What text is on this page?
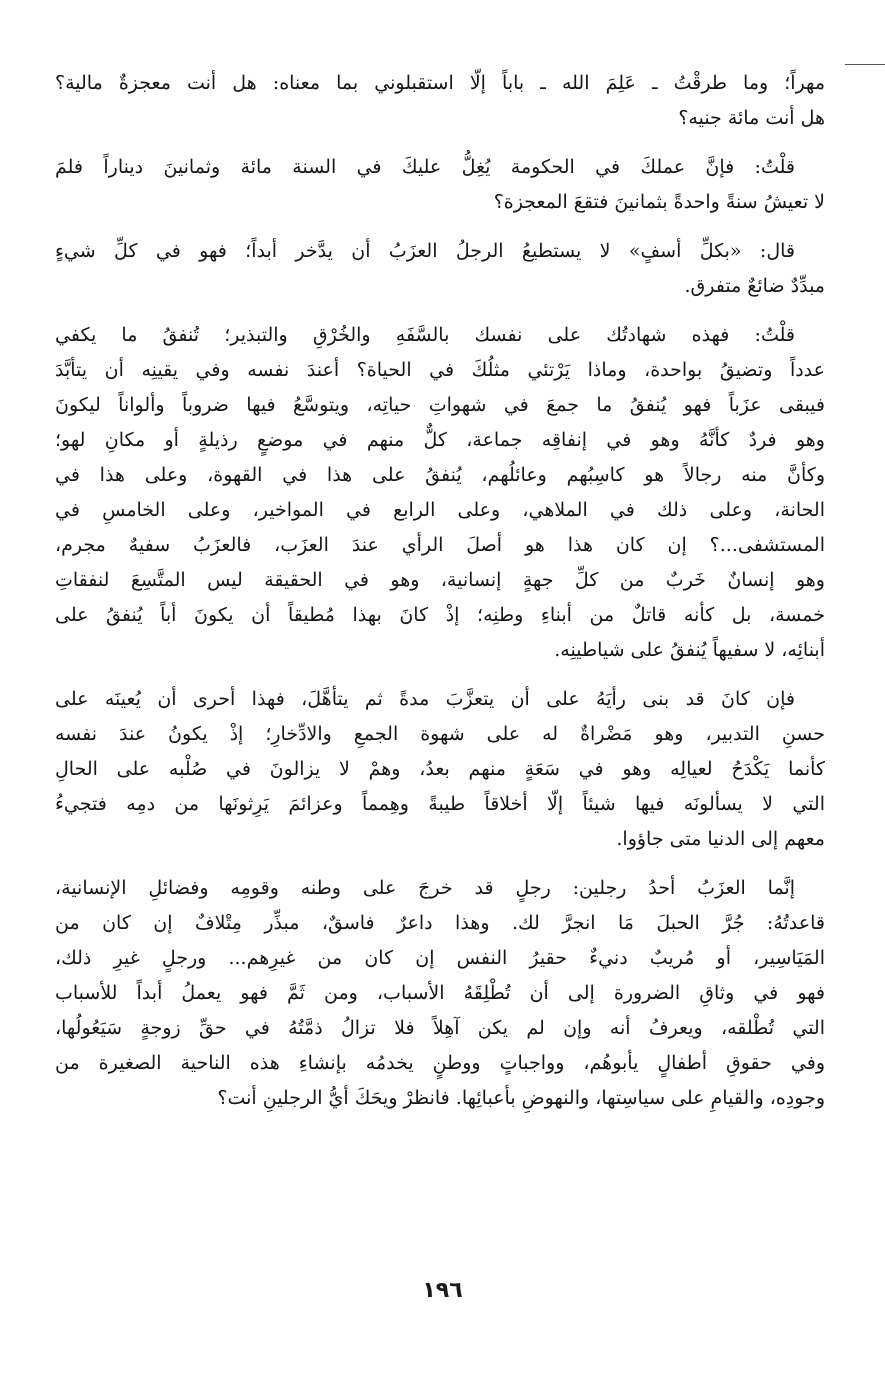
مهراً؛ وما طرقْتُ ـ عَلِمَ الله ـ باباً إلّا استقبلوني بما معناه: هل أنت معجزةٌ مالية؟
هل أنت مائة جنيه؟

قلْتُ: فإنَّ عملكَ في الحكومة يُغِلُّ عليكَ في السنة مائة وثمانينَ ديناراً فلمَ
لا تعيشُ سنةً واحدةً بثمانينَ فتقعَ المعجزة؟

قال: «بكلِّ أسفٍ» لا يستطيعُ الرجلُ العزَبُ أن يدَّخر أبداً؛ فهو في كلِّ شيءٍ
مبدِّدٌ ضائعٌ متفرق.

قلْتُ: فهذه شهادتُك على نفسك بالسَّفَهِ والخُرْقِ والتبذير؛ تُنفقُ ما يكفي
عدداً وتضيقُ بواحدة، وماذا يَرْتئي مثلُكَ في الحياة؟ أعندَ نفسه وفي يقينِه أن يتأبَّدَ
فيبقى عزَباً فهو يُنفقُ ما جمعَ في شهواتِ حياتِه، ويتوسَّعُ فيها ضروباً وألواناً ليكونَ
وهو فردٌ كأنَّهُ وهو في إنفاقِه جماعة، كلٌّ منهم في موضعٍ رذيلةٍ أو مكانِ لهو؛
وكأنَّ منه رجالاً هو كاسِبُهم وعائلُهم، يُنفقُ على هذا في القهوة، وعلى هذا في
الحانة، وعلى ذلك في الملاهي، وعلى الرابع في المواخير، وعلى الخامسِ في
المستشفى...؟ إن كان هذا هو أصلَ الرأي عندَ العزَب، فالعزَبُ سفيهٌ مجرم،
وهو إنسانٌ خَربٌ من كلِّ جهةٍ إنسانية، وهو في الحقيقة ليس المتَّسِعَ لنفقاتِ
خمسة، بل كأنه قاتلٌ من أبناءِ وطنِه؛ إذْ كانَ بهذا مُطيقاً أن يكونَ أباً يُنفقُ على
أبنائِه، لا سفيهاً يُنفقُ على شياطينِه.

فإن كانَ قد بنى رأيَهُ على أن يتعزَّبَ مدةً ثم يتأهَّلَ، فهذا أحرى أن يُعينَه على
حسنِ التدبير، وهو مَضْراةٌ له على شهوة الجمعِ والادِّخارِ؛ إذْ يكونُ عندَ نفسه
كأنما يَكْدَحُ لعيالِه وهو في سَعَةٍ منهم بعدُ، وهمْ لا يزالونَ في صُلْبه على الحالِ
التي لا يسألونَه فيها شيئاً إلّا أخلاقاً طيبةً وهِمماً وعزائمَ يَرِثونَها من دمِه فتجيءُ
معهم إلى الدنيا متى جاؤوا.

إنَّما العزَبُ أحدُ رجلين: رجلٍ قد خرجَ على وطنه وقومِه وفضائلِ الإنسانية،
قاعدتُهُ: جُرَّ الحبلَ مَا انجرَّ لك. وهذا داعرٌ فاسقٌ، مبذِّر مِتْلافٌ إن كان من
المَيَاسِير، أو مُريبٌ دنيءٌ حقيرُ النفس إن كان من غيرِهم... ورجلٍ غيرِ ذلك،
فهو في وثاقِ الضرورة إلى أن تُطْلِقَهُ الأسباب، ومن ثَمَّ فهو يعملُ أبداً للأسباب
التي تُطْلقه، ويعرفُ أنه وإن لم يكن آهِلاً فلا تزالُ ذمَّتُهُ في حقِّ زوجةٍ سَيَعُولُها،
وفي حقوقِ أطفالٍ يأبوهُم، وواجباتٍ ووطنٍ يخدمُه بإنشاءِ هذه الناحية الصغيرة من
وجودِه، والقيامِ على سياسِتها، والنهوضِ بأعبائِها. فانظرْ ويحَكَ أيُّ الرجلينِ أنت؟

١٩٦
